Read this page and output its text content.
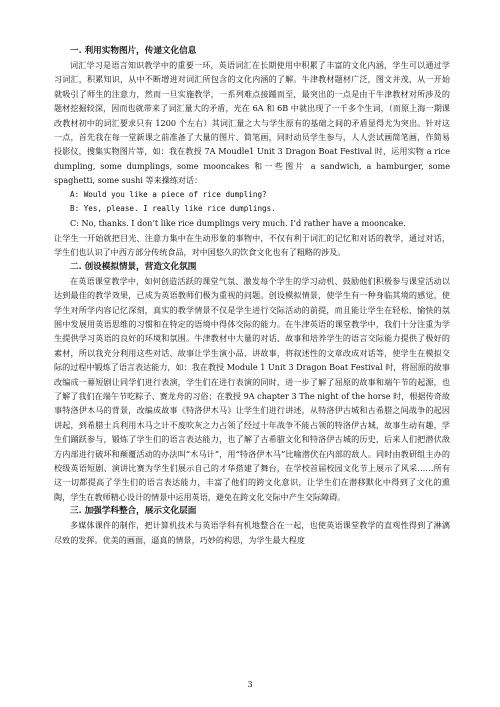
一. 利用实物图片，传递文化信息

词汇学习是语言知识教学中的重要一环，英语词汇在长期使用中积累了丰富的文化内涵，学生可以通过学习词汇，积累知识，从中不断增进对词汇所包含的文化内涵的了解。牛津教材题材广泛，图文并茂，从一开始就吸引了师生的注意力，然而一旦实施教学，一系列难点接踵而至，最突出的一点是由于牛津教材对所涉及的题材挖掘较深，因而也就带来了词汇量大的矛盾，光在 6A 和 6B 中就出现了一千多个生词，（而原上海一期课改教材初中的词汇要求只有 1200 个左右）其词汇量之大与学生原有的基础之间的矛盾显得尤为突出。针对这一点，首先我在每一堂新课之前准备了大量的图片、简笔画，同时动员学生参与，人人尝试画简笔画，作简易投影仪，搜集实物图片等，如：我在教授 7A Moudle1 Unit 3 Dragon Boat Festival 时，运用实物 a rice dumpling, some dumplings, some mooncakes 和一些图片 a sandwich, a hamburger, some spaghetti, some sushi 等来操练对话：

A: Would you like a piece of rice dumpling?

B: Yes, please. I really like rice dumplings.

C: No, thanks. I don’t like rice dumplings very much. I’d rather have a mooncake.

让学生一开始就把目光、注意力集中在生动形象的事物中，不仅有利于词汇的记忆和对话的教学，通过对话，学生们也认识了中西方部分传统食品，对中国悠久的饮食文化也有了粗略的涉及。

二. 创设模拟情景，营造文化氛围

在英语课堂教学中，如何创造活跃的课堂气氛、激发每个学生的学习动机、鼓励他们积极参与课堂活动以达到最佳的教学效果，已成为英语教师们极为重视的问题。创设模拟情景，使学生有一种身临其境的感觉，使学生对所学内容记忆深刻，真实的教学情景不仅是学生进行交际活动的前提，而且能让学生在轻松、愉快的氛围中发展用英语思维的习惯和在特定的语境中得体交际的能力。在牛津英语的课堂教学中，我们十分注重为学生提供学习英语的良好的环境和氛围。牛津教材中大量的对话、故事和培养学生的语言交际能力提供了极好的素材，所以我充分利用这些对话、故事让学生演小品、讲故事，将叙述性的文章改成对话等，使学生在模拟交际的过程中锻炼了语言表达能力，如：我在教授 Module 1 Unit 3 Dragon Boat Festival 时，将屈原的故事改编成一幕短剧让同学们进行表演，学生们在进行表演的同时，进一步了解了屈原的故事和端午节的起源，也了解了我们在端午节吃粽子、赛龙舟的习俗；在教授 9A chapter 3 The night of the horse 时，根据传奇故事特洛伊木马的背景，改编成故事《特洛伊木马》让学生们进行讲述，从特洛伊古城和古希腊之间战争的起因讲起，到希腊士兵利用木马之计不废吹灰之力占领了经过十年战争不能占领的特洛伊古城，故事生动有趣，学生们踊跃参与，锻炼了学生们的语言表达能力，也了解了古希腊文化和特洛伊古城的历史，后来人们把潜伏敌方内部进行破坏和颠覆活动的办法叫“木马计”，用“特洛伊木马”比喻潜伏在内部的敌人。同时由教研组主办的校级英语短剧、演讲比赛为学生们展示自己的才华搭建了舞台，在学校首届校园文化节上展示了风采……所有这一切都提高了学生们的语言表达能力，丰富了他们的跨文化意识，让学生们在潜移默化中得到了文化的熏陶，学生在教师精心设计的情景中运用英语，避免在跨文化交际中产生交际障碍。

三. 加强学科整合，展示文化层面

多媒体课件的制作，把计算机技术与英语学科有机地整合在一起，也使英语课堂教学的直观性得到了淋漓尽致的发挥。优美的画面，逼真的情景，巧妙的构思，为学生最大程度

3
